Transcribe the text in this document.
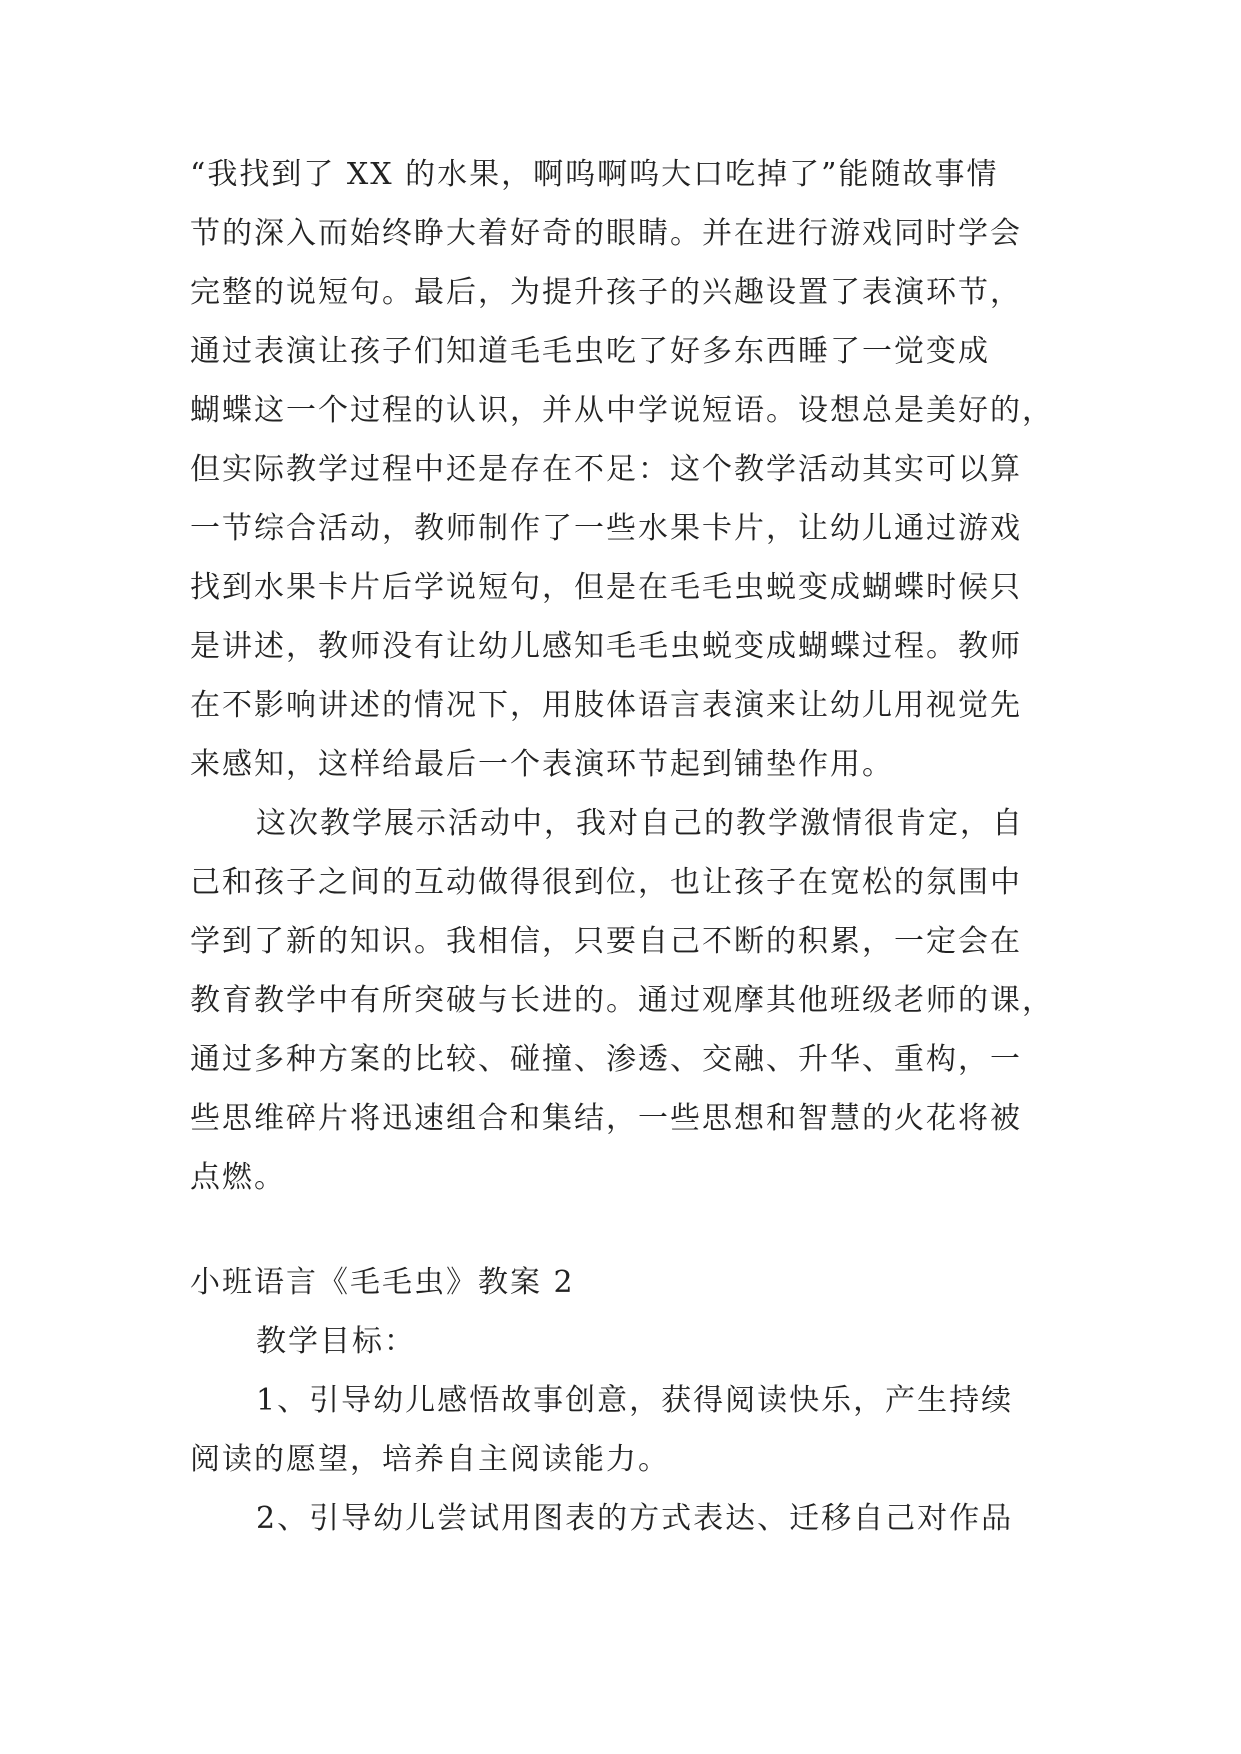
“我找到了 XX 的水果，啊呜啊呜大口吃掉了”能随故事情
节的深入而始终睁大着好奇的眼睛。并在进行游戏同时学会
完整的说短句。最后，为提升孩子的兴趣设置了表演环节，
通过表演让孩子们知道毛毛虫吃了好多东西睡了一觉变成
蝴蝶这一个过程的认识，并从中学说短语。设想总是美好的，
但实际教学过程中还是存在不足：这个教学活动其实可以算
一节综合活动，教师制作了一些水果卡片，让幼儿通过游戏
找到水果卡片后学说短句，但是在毛毛虫蜕变成蝴蝶时候只
是讲述，教师没有让幼儿感知毛毛虫蜕变成蝴蝶过程。教师
在不影响讲述的情况下，用肢体语言表演来让幼儿用视觉先
来感知，这样给最后一个表演环节起到铺垫作用。
这次教学展示活动中，我对自己的教学激情很肯定，自
己和孩子之间的互动做得很到位，也让孩子在宽松的氛围中
学到了新的知识。我相信，只要自己不断的积累，一定会在
教育教学中有所突破与长进的。通过观摩其他班级老师的课，
通过多种方案的比较、碰撞、渗透、交融、升华、重构，一
些思维碎片将迅速组合和集结，一些思想和智慧的火花将被
点燃。
小班语言《毛毛虫》教案 2
教学目标：
1、引导幼儿感悟故事创意，获得阅读快乐，产生持续
阅读的愿望，培养自主阅读能力。
2、引导幼儿尝试用图表的方式表达、迁移自己对作品
